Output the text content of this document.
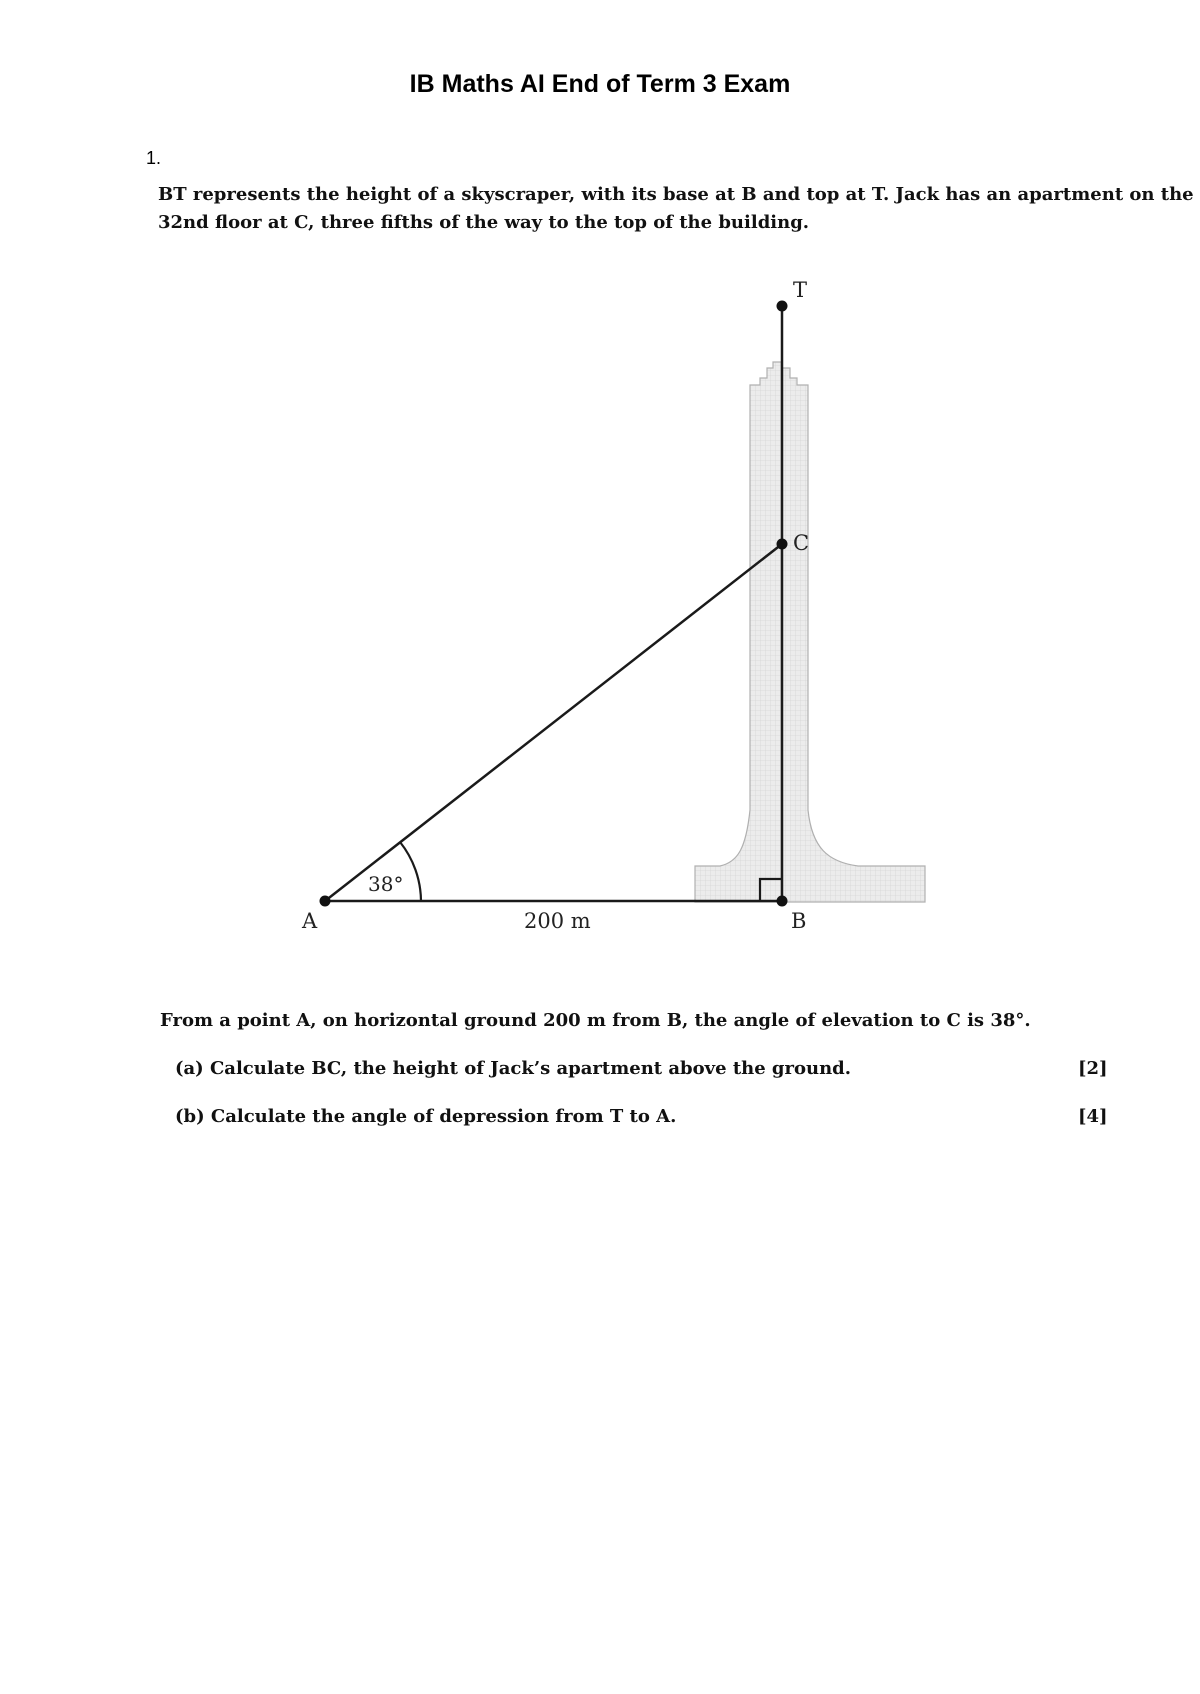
IB Maths AI End of Term 3 Exam
1.
BT represents the height of a skyscraper, with its base at B and top at T. Jack has an apartment on the
32nd floor at C, three fifths of the way to the top of the building.
T
C
A	B
38°
200 m
From a point A, on horizontal ground 200 m from B, the angle of elevation to C is 38°.
(a) Calculate BC, the height of Jack’s apartment above the ground.	[2]
(b) Calculate the angle of depression from T to A.	[4]
